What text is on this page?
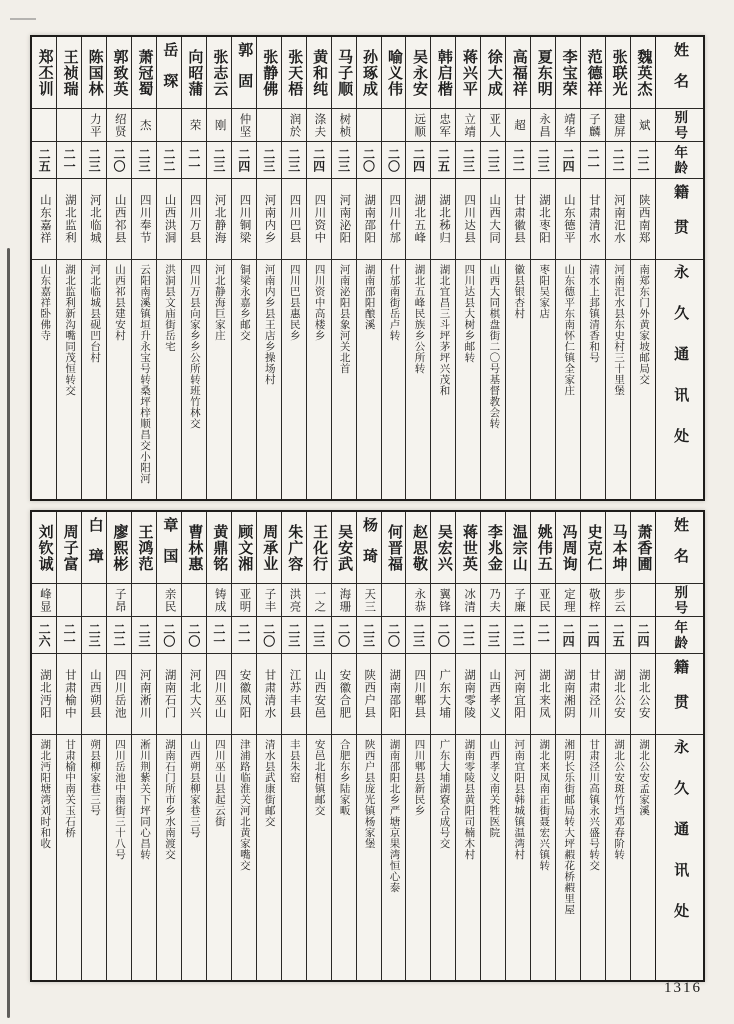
姓名
别号
年龄
籍贯
永久通讯处
魏英杰
斌
二二
陕西南郑
南郑东门外黄家坡邮局交
张联光
建屏
二二
河南汜水
河南汜水县东史村三十里堡
范德祥
子麟
二一
甘肃清水
清水上邽镇清香和号
李宝荣
靖华
二四
山东德平
山东德平东南怀仁镇全家庄
夏东明
永昌
二三
湖北枣阳
枣阳吴家店
高福祥
超
二二
甘肃徽县
徽县银杏村
徐大成
亚人
二三
山西大同
山西大同棋盘街二〇号基督教会转
蒋兴平
立靖
二三
四川达县
四川达县大树乡邮转
韩启楷
忠军
二五
湖北秭归
湖北宜昌三斗坪茅坪兴茂和
吴永安
远顺
二四
湖北五峰
湖北五峰民族乡公所转
喻义伟
二〇
四川什邡
什邡南街岳卢转
孙琢成
二〇
湖南邵阳
湖南邵阳酿溪
马子顺
树桢
二三
河南泌阳
河南泌阳县象河关北首
黄和纯
涤夫
二四
四川资中
四川资中高楼乡
张天梧
润於
二三
四川巴县
四川巴县惠民乡
张静佛
二三
河南内乡
河南内乡县王店乡操场村
郭固
仲坚
二四
四川铜梁
铜梁永嘉乡邮交
张志云
刚
二三
河北静海
河北静海巨家庄
向昭蒲
荣
二一
四川万县
四川万县向家乡乡公所转班竹林交
岳琛
二二
山西洪洞
洪洞县文庙街岳宅
萧冠蜀
杰
二三
四川奉节
云阳南溪镇垣升永宝号转桑坪梓顺昌交小阳河
郭致英
绍贤
二〇
山西祁县
山西祁县建安村
陈国林
力平
二三
河北临城
河北临城县砚凹台村
王祯瑞
二一
湖北监利
湖北监利新沟嘴同茂恒转交
郑丕训
二五
山东嘉祥
山东嘉祥卧佛寺
姓名
别号
年龄
籍贯
永久通讯处
萧香圃
二四
湖北公安
湖北公安孟家溪
马本坤
步云
二五
湖北公安
湖北公安斑竹垱邓春阶转
史克仁
敬梓
二四
甘肃泾川
甘肃泾川高镇永兴盛号转交
冯周询
定理
二四
湖南湘阴
湘阴长乐街邮局转大坪赮花桥赮里屋
姚伟五
亚民
二一
湖北来凤
湖北来凤南正街聂宏兴镇转
温宗山
子廉
二二
河南宜阳
河南宜阳县韩城镇温湾村
李兆金
乃夫
二三
山西孝义
山西孝义南关牲医院
蒋世英
冰清
二二
湖南零陵
湖南零陵县黄阳司楠木村
吴宏兴
翼锋
二〇
广东大埔
广东大埔湖寮合成号交
赵思敬
永恭
二三
四川郫县
四川郫县新民乡
何晋福
二〇
湖南邵阳
湖南邵阳北乡严塘京果湾恒心泰
杨琦
天三
二三
陕西户县
陕西户县庞光镇杨家堡
吴安武
海珊
二〇
安徽合肥
合肥东乡陆家畈
王化行
一之
二三
山西安邑
安邑北相镇邮交
朱广容
洪亮
二三
江苏丰县
丰县朱窑
周承业
子丰
二〇
甘肃清水
清水县武康街邮交
顾文湘
亚明
二一
安徽凤阳
津浦路临淮关河北黄家嘴交
黄鼎铭
铸成
二一
四川巫山
四川巫山县起云街
曹林惠
二〇
河北大兴
山西朔县柳家巷三号
章国
亲民
二〇
湖南石门
湖南石门所市乡水南渡交
王鸿范
二三
河南淅川
淅川荆紫关下坪同心昌转
廖熙彬
子昂
二二
四川岳池
四川岳池中南街三十八号
白璋
二三
山西朔县
朔县柳家巷三号
周子富
二一
甘肃榆中
甘肃榆中南关玉石桥
刘钦诚
峰显
二六
湖北沔阳
湖北沔阳塘湾刘时和收
1316
